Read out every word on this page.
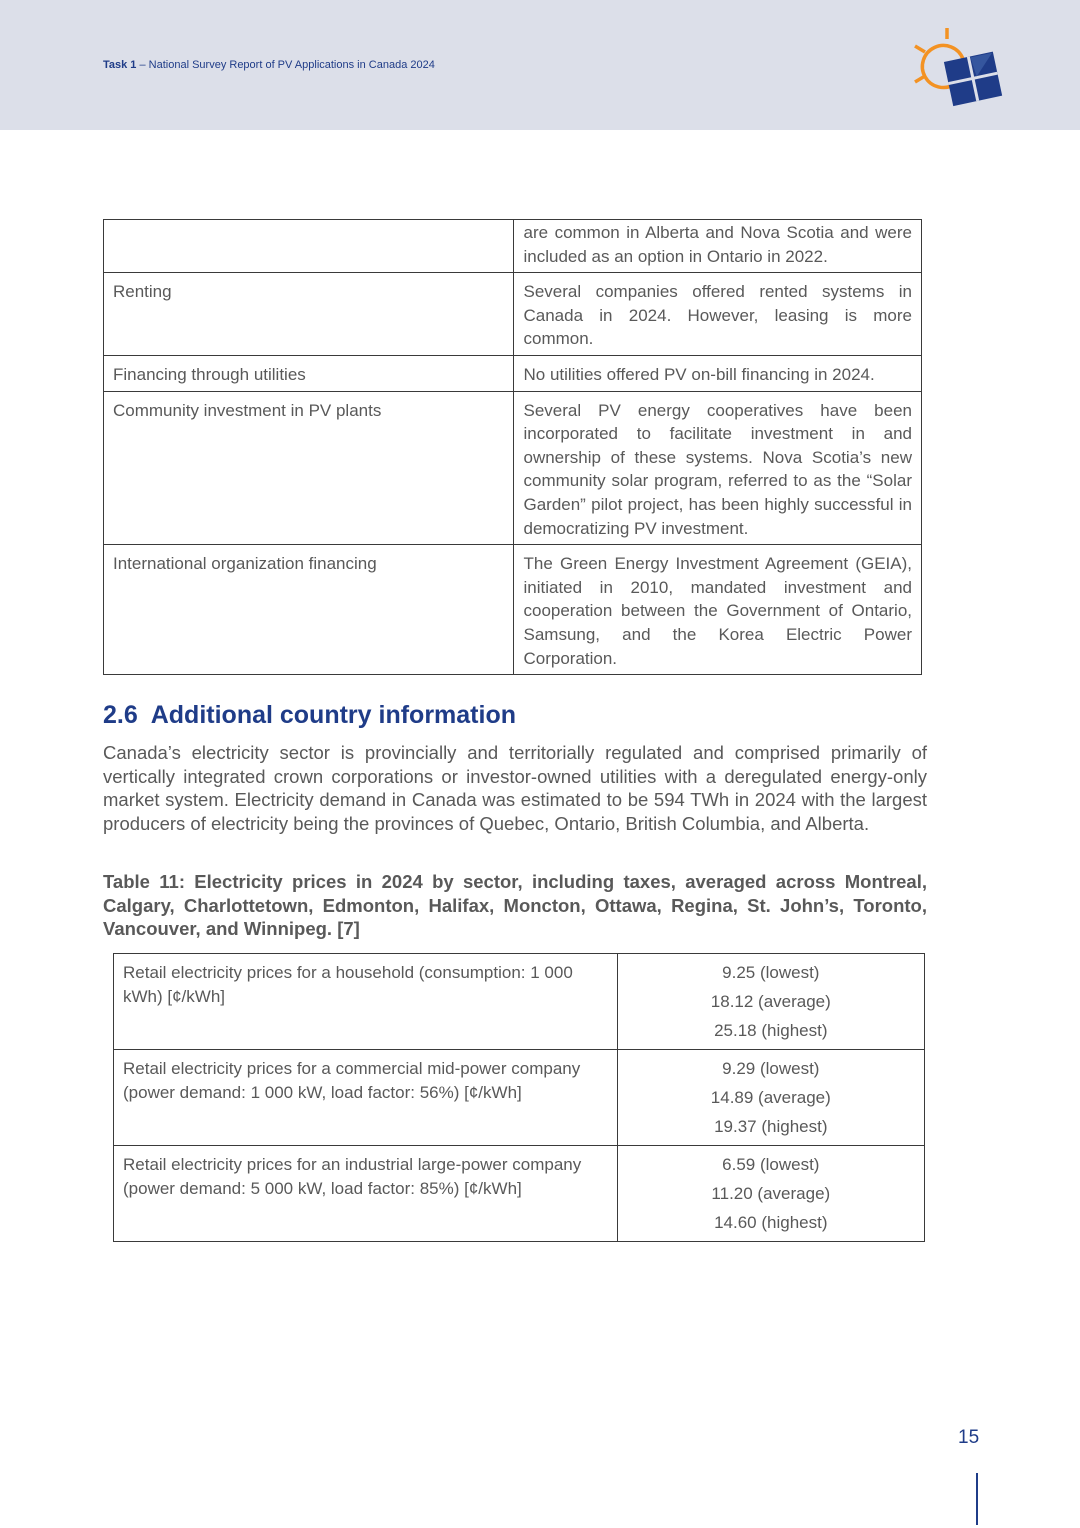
Task 1 – National Survey Report of PV Applications in Canada 2024
	are common in Alberta and Nova Scotia and were included as an option in Ontario in 2022.
Renting	Several companies offered rented systems in Canada in 2024. However, leasing is more common.
Financing through utilities	No utilities offered PV on-bill financing in 2024.
Community investment in PV plants	Several PV energy cooperatives have been incorporated to facilitate investment in and ownership of these systems. Nova Scotia’s new community solar program, referred to as the “Solar Garden” pilot project, has been highly successful in democratizing PV investment.
International organization financing	The Green Energy Investment Agreement (GEIA), initiated in 2010, mandated investment and cooperation between the Government of Ontario, Samsung, and the Korea Electric Power Corporation.
2.6 Additional country information
Canada’s electricity sector is provincially and territorially regulated and comprised primarily of vertically integrated crown corporations or investor-owned utilities with a deregulated energy-only market system. Electricity demand in Canada was estimated to be 594 TWh in 2024 with the largest producers of electricity being the provinces of Quebec, Ontario, British Columbia, and Alberta.
Table 11: Electricity prices in 2024 by sector, including taxes, averaged across Montreal, Calgary, Charlottetown, Edmonton, Halifax, Moncton, Ottawa, Regina, St. John’s, Toronto, Vancouver, and Winnipeg. [7]
Retail electricity prices for a household (consumption: 1 000 kWh) [¢/kWh]	9.25 (lowest)
18.12 (average)
25.18 (highest)

Retail electricity prices for a commercial mid-power company (power demand: 1 000 kW, load factor: 56%) [¢/kWh]	9.29 (lowest)
14.89 (average)
19.37 (highest)

Retail electricity prices for an industrial large-power company (power demand: 5 000 kW, load factor: 85%) [¢/kWh]	6.59 (lowest)
11.20 (average)
14.60 (highest)
15
